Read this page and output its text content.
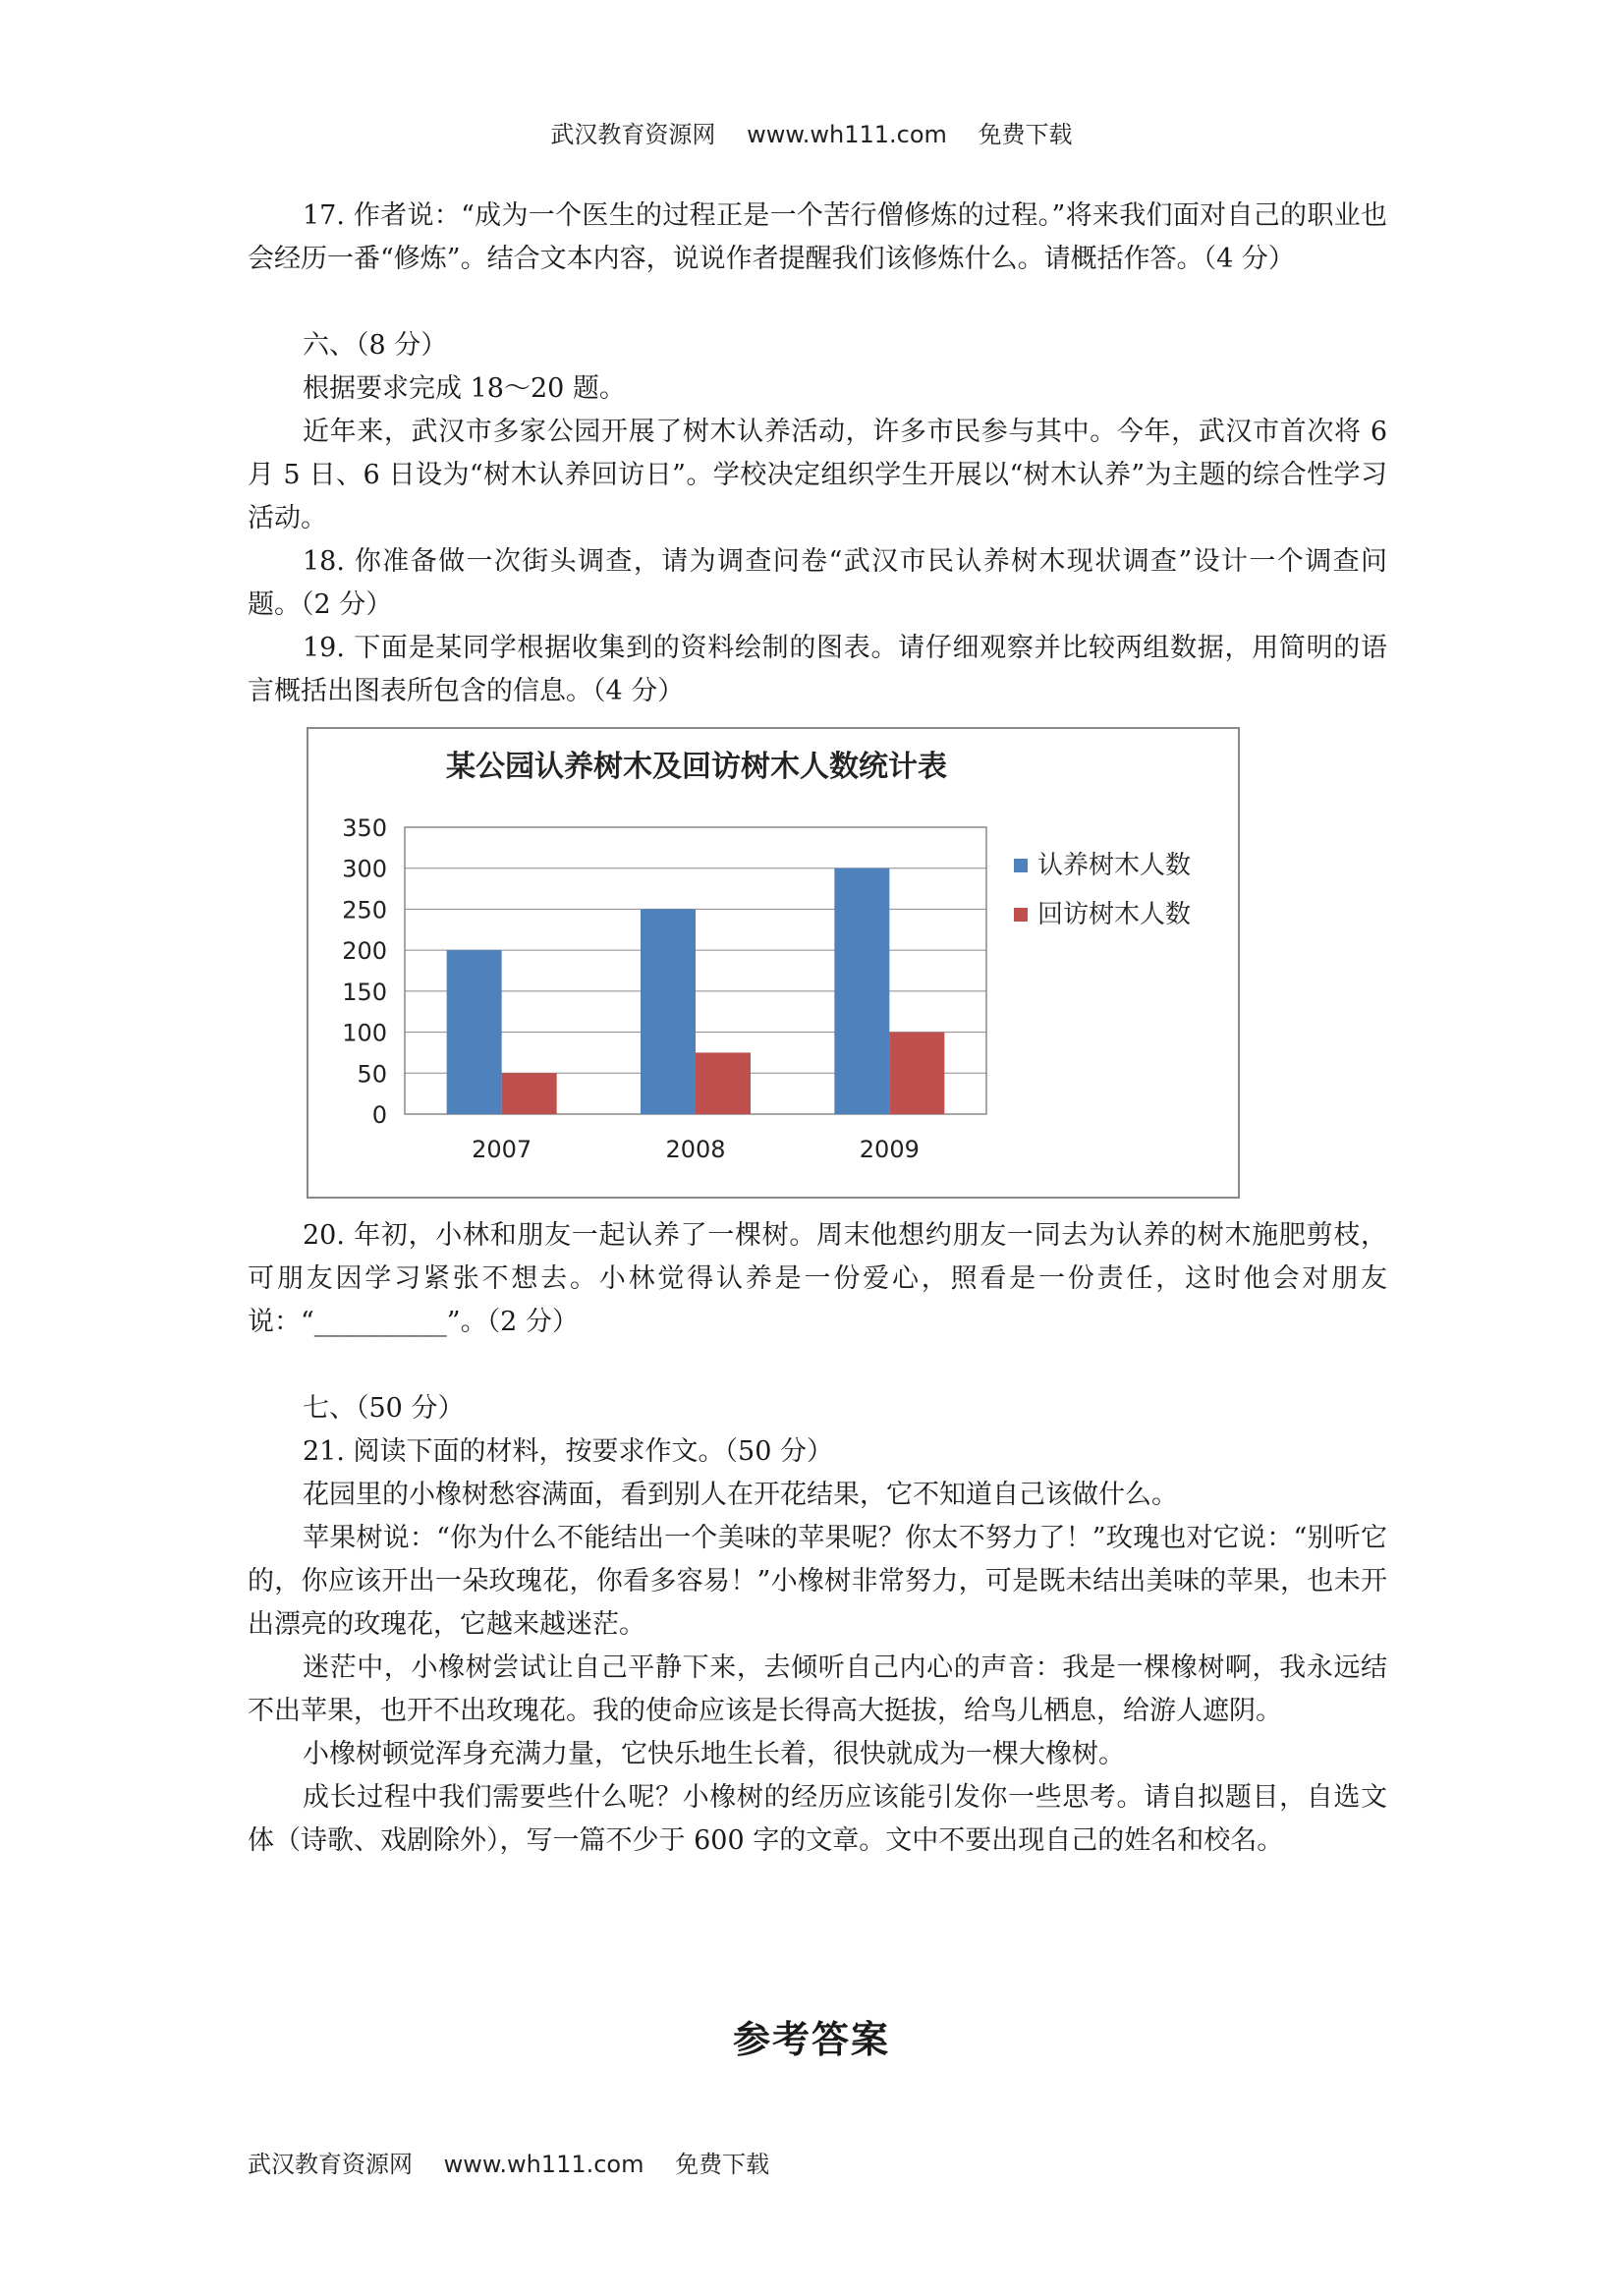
武汉教育资源网 www.wh111.com 免费下载

17. 作者说：“成为一个医生的过程正是一个苦行僧修炼的过程。”将来我们面对自己的职业也会经历一番“修炼”。结合文本内容，说说作者提醒我们该修炼什么。请概括作答。（4 分）

六、（8 分）

根据要求完成 18～20 题。

近年来，武汉市多家公园开展了树木认养活动，许多市民参与其中。今年，武汉市首次将 6 月 5 日、6 日设为“树木认养回访日”。学校决定组织学生开展以“树木认养”为主题的综合性学习活动。

18. 你准备做一次街头调查，请为调查问卷“武汉市民认养树木现状调查”设计一个调查问题。（2 分）

19. 下面是某同学根据收集到的资料绘制的图表。请仔细观察并比较两组数据，用简明的语言概括出图表所包含的信息。（4 分）

某公园认养树木及回访树木人数统计表
0
50
100
150
200
250
300
350
2007	2008	2009
认养树木人数
回访树木人数

20. 年初，小林和朋友一起认养了一棵树。周末他想约朋友一同去为认养的树木施肥剪枝，可朋友因学习紧张不想去。小林觉得认养是一份爱心，照看是一份责任，这时他会对朋友说：“__________”。（2 分）

七、（50 分）

21. 阅读下面的材料，按要求作文。（50 分）

花园里的小橡树愁容满面，看到别人在开花结果，它不知道自己该做什么。

苹果树说：“你为什么不能结出一个美味的苹果呢？你太不努力了！”玫瑰也对它说：“别听它的，你应该开出一朵玫瑰花，你看多容易！”小橡树非常努力，可是既未结出美味的苹果，也未开出漂亮的玫瑰花，它越来越迷茫。

迷茫中，小橡树尝试让自己平静下来，去倾听自己内心的声音：我是一棵橡树啊，我永远结不出苹果，也开不出玫瑰花。我的使命应该是长得高大挺拔，给鸟儿栖息，给游人遮阴。

小橡树顿觉浑身充满力量，它快乐地生长着，很快就成为一棵大橡树。

成长过程中我们需要些什么呢？小橡树的经历应该能引发你一些思考。请自拟题目，自选文体（诗歌、戏剧除外），写一篇不少于 600 字的文章。文中不要出现自己的姓名和校名。

参考答案
武汉教育资源网 www.wh111.com 免费下载
